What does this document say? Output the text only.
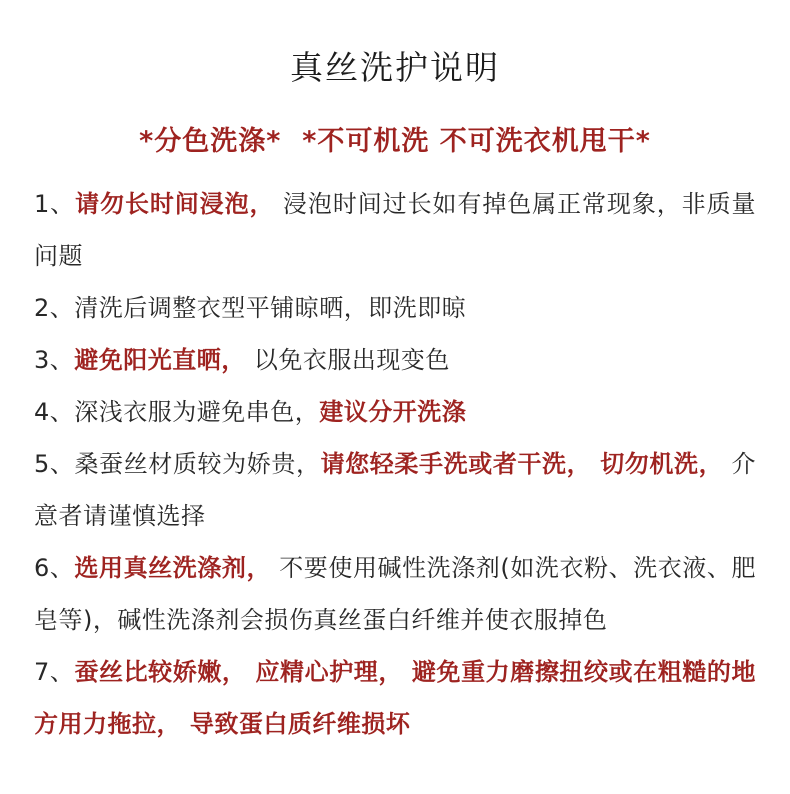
真丝洗护说明
*分色洗涤*  *不可机洗 不可洗衣机甩干*

1、请勿长时间浸泡， 浸泡时间过长如有掉色属正常现象，非质量问题

2、清洗后调整衣型平铺晾晒，即洗即晾

3、避免阳光直晒， 以免衣服出现变色

4、深浅衣服为避免串色，建议分开洗涤

5、桑蚕丝材质较为娇贵，请您轻柔手洗或者干洗， 切勿机洗， 介意者请谨慎选择

6、选用真丝洗涤剂， 不要使用碱性洗涤剂(如洗衣粉、洗衣液、肥皂等)，碱性洗涤剂会损伤真丝蛋白纤维并使衣服掉色

7、蚕丝比较娇嫩， 应精心护理， 避免重力磨擦扭绞或在粗糙的地方用力拖拉， 导致蛋白质纤维损坏
